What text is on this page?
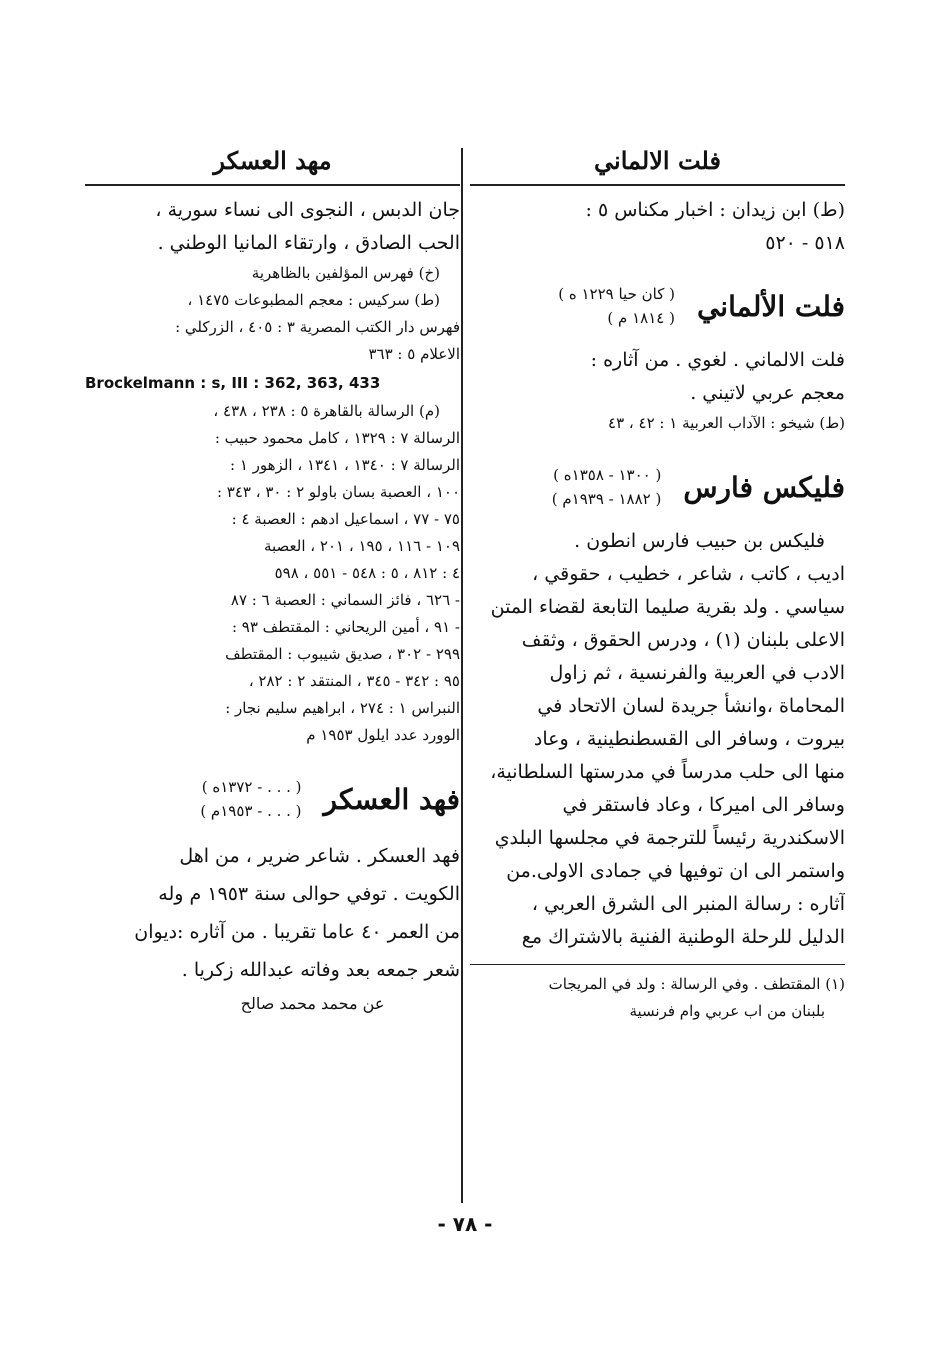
فلت الالماني
(ط) ابن زيدان : اخبار مكناس ٥ :
٥١٨ - ٥٢٠
فلت الألماني
( كان حيا ١٢٢٩ ه )
( ١٨١٤ م )
فلت الالماني . لغوي . من آثاره :
معجم عربي لاتيني .
(ط) شيخو : الآداب العربية ١ : ٤٢ ، ٤٣
فليكس فارس
( ١٣٠٠ - ١٣٥٨ه )
( ١٨٨٢ - ١٩٣٩م )
فليكس بن حبيب فارس انطون .
اديب ، كاتب ، شاعر ، خطيب ، حقوقي ،
سياسي . ولد بقرية صليما التابعة لقضاء المتن
الاعلى بلبنان (١) ، ودرس الحقوق ، وثقف
الادب في العربية والفرنسية ، ثم زاول
المحاماة ،وانشأ جريدة لسان الاتحاد في
بيروت ، وسافر الى القسطنطينية ، وعاد
منها الى حلب مدرساً في مدرستها السلطانية،
وسافر الى اميركا ، وعاد فاستقر في
الاسكندرية رئيساً للترجمة في مجلسها البلدي
واستمر الى ان توفيها في جمادى الاولى.من
آثاره : رسالة المنبر الى الشرق العربي ،
الدليل للرحلة الوطنية الفنية بالاشتراك مع
(١) المقتطف . وفي الرسالة : ولد في المريجات
بلبنان من اب عربي وام فرنسية
مهد العسكر
جان الدبس ، النجوى الى نساء سورية ،
الحب الصادق ، وارتقاء المانيا الوطني .
(خ) فهرس المؤلفين بالظاهرية
(ط) سركيس : معجم المطبوعات ١٤٧٥ ،
فهرس دار الكتب المصرية ٣ : ٤٠٥ ، الزركلي :
الاعلام ٥ : ٣٦٣
Brockelmann : s, III : 362, 363, 433
(م) الرسالة بالقاهرة ٥ : ٢٣٨ ، ٤٣٨ ،
الرسالة ٧ : ١٣٢٩ ، كامل محمود حبيب :
الرسالة ٧ : ١٣٤٠ ، ١٣٤١ ، الزهور ١ :
١٠٠ ، العصبة بسان باولو ٢ : ٣٠ ، ٣٤٣ :
٧٥ - ٧٧ ، اسماعيل ادهم : العصبة ٤ :
١٠٩ - ١١٦ ، ١٩٥ ، ٢٠١ ، العصبة
٤ : ٨١٢ ، ٥ : ٥٤٨ - ٥٥١ ، ٥٩٨
- ٦٢٦ ، فائز السماني : العصبة ٦ : ٨٧
- ٩١ ، أمين الريحاني : المقتطف ٩٣ :
٢٩٩ - ٣٠٢ ، صديق شيبوب : المقتطف
٩٥ : ٣٤٢ - ٣٤٥ ، المنتقد ٢ : ٢٨٢ ،
النبراس ١ : ٢٧٤ ، ابراهيم سليم نجار :
الوورد عدد ايلول ١٩٥٣ م
فهد العسكر
( . . . - ١٣٧٢ه )
( . . . - ١٩٥٣م )
فهد العسكر . شاعر ضرير ، من اهل
الكويت . توفي حوالى سنة ١٩٥٣ م وله
من العمر ٤٠ عاما تقريبا . من آثاره :ديوان
شعر جمعه بعد وفاته عبدالله زكريا .
عن محمد محمد صالح
- ٧٨ -
